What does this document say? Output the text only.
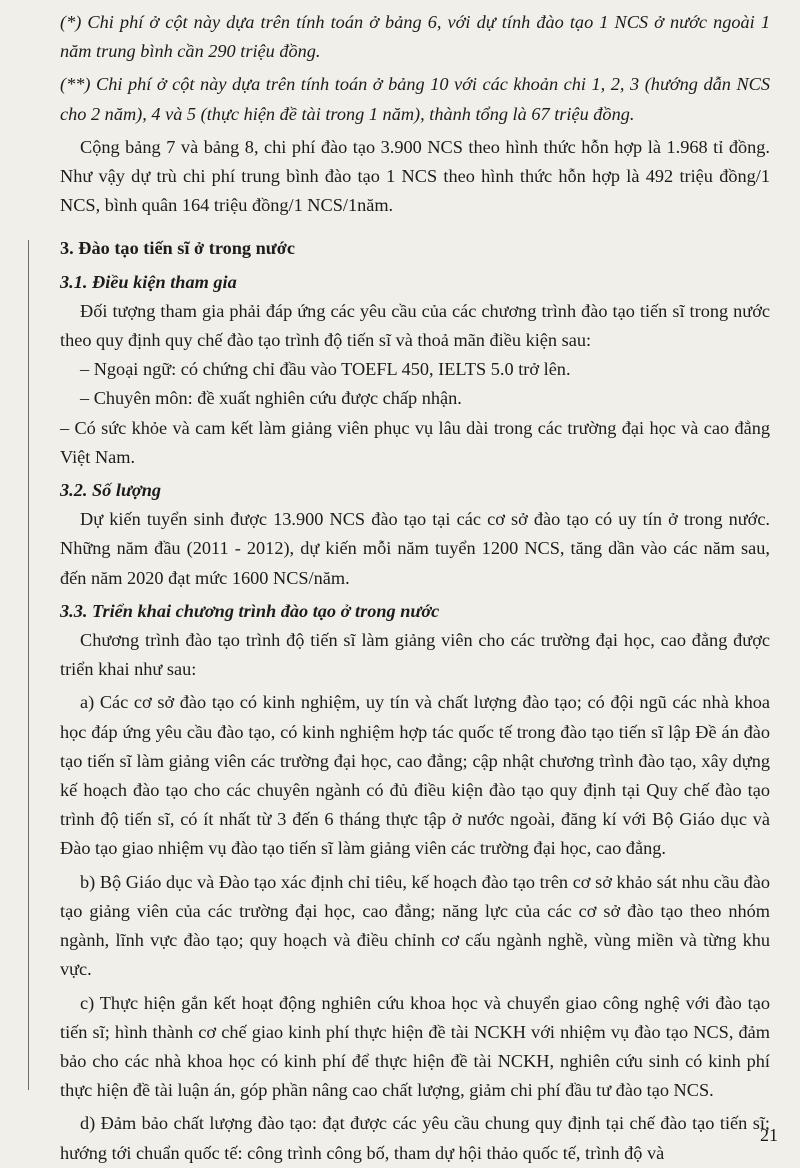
(*) Chi phí ở cột này dựa trên tính toán ở bảng 6, với dự tính đào tạo 1 NCS ở nước ngoài 1 năm trung bình cần 290 triệu đồng.

(**) Chi phí ở cột này dựa trên tính toán ở bảng 10 với các khoản chi 1, 2, 3 (hướng dẫn NCS cho 2 năm), 4 và 5 (thực hiện đề tài trong 1 năm), thành tổng là 67 triệu đồng.

Cộng bảng 7 và bảng 8, chi phí đào tạo 3.900 NCS theo hình thức hỗn hợp là 1.968 tỉ đồng. Như vậy dự trù chi phí trung bình đào tạo 1 NCS theo hình thức hỗn hợp là 492 triệu đồng/1 NCS, bình quân 164 triệu đồng/1 NCS/1năm.

3. Đào tạo tiến sĩ ở trong nước

3.1. Điều kiện tham gia

Đối tượng tham gia phải đáp ứng các yêu cầu của các chương trình đào tạo tiến sĩ trong nước theo quy định quy chế đào tạo trình độ tiến sĩ và thoả mãn điều kiện sau:

– Ngoại ngữ: có chứng chỉ đầu vào TOEFL 450, IELTS 5.0 trở lên.

– Chuyên môn: đề xuất nghiên cứu được chấp nhận.

– Có sức khỏe và cam kết làm giảng viên phục vụ lâu dài trong các trường đại học và cao đẳng Việt Nam.

3.2. Số lượng

Dự kiến tuyển sinh được 13.900 NCS đào tạo tại các cơ sở đào tạo có uy tín ở trong nước. Những năm đầu (2011 - 2012), dự kiến mỗi năm tuyển 1200 NCS, tăng dần vào các năm sau, đến năm 2020 đạt mức 1600 NCS/năm.

3.3. Triển khai chương trình đào tạo ở trong nước

Chương trình đào tạo trình độ tiến sĩ làm giảng viên cho các trường đại học, cao đẳng được triển khai như sau:

a) Các cơ sở đào tạo có kinh nghiệm, uy tín và chất lượng đào tạo; có đội ngũ các nhà khoa học đáp ứng yêu cầu đào tạo, có kinh nghiệm hợp tác quốc tế trong đào tạo tiến sĩ lập Đề án đào tạo tiến sĩ làm giảng viên các trường đại học, cao đẳng; cập nhật chương trình đào tạo, xây dựng kế hoạch đào tạo cho các chuyên ngành có đủ điều kiện đào tạo quy định tại Quy chế đào tạo trình độ tiến sĩ, có ít nhất từ 3 đến 6 tháng thực tập ở nước ngoài, đăng kí với Bộ Giáo dục và Đào tạo giao nhiệm vụ đào tạo tiến sĩ làm giảng viên các trường đại học, cao đẳng.

b) Bộ Giáo dục và Đào tạo xác định chỉ tiêu, kế hoạch đào tạo trên cơ sở khảo sát nhu cầu đào tạo giảng viên của các trường đại học, cao đẳng; năng lực của các cơ sở đào tạo theo nhóm ngành, lĩnh vực đào tạo; quy hoạch và điều chỉnh cơ cấu ngành nghề, vùng miền và từng khu vực.

c) Thực hiện gắn kết hoạt động nghiên cứu khoa học và chuyển giao công nghệ với đào tạo tiến sĩ; hình thành cơ chế giao kinh phí thực hiện đề tài NCKH với nhiệm vụ đào tạo NCS, đảm bảo cho các nhà khoa học có kinh phí để thực hiện đề tài NCKH, nghiên cứu sinh có kinh phí thực hiện đề tài luận án, góp phần nâng cao chất lượng, giảm chi phí đầu tư đào tạo NCS.

d) Đảm bảo chất lượng đào tạo: đạt được các yêu cầu chung quy định tại chế đào tạo tiến sĩ; hướng tới chuẩn quốc tế: công trình công bố, tham dự hội thảo quốc tế, trình độ và

21
